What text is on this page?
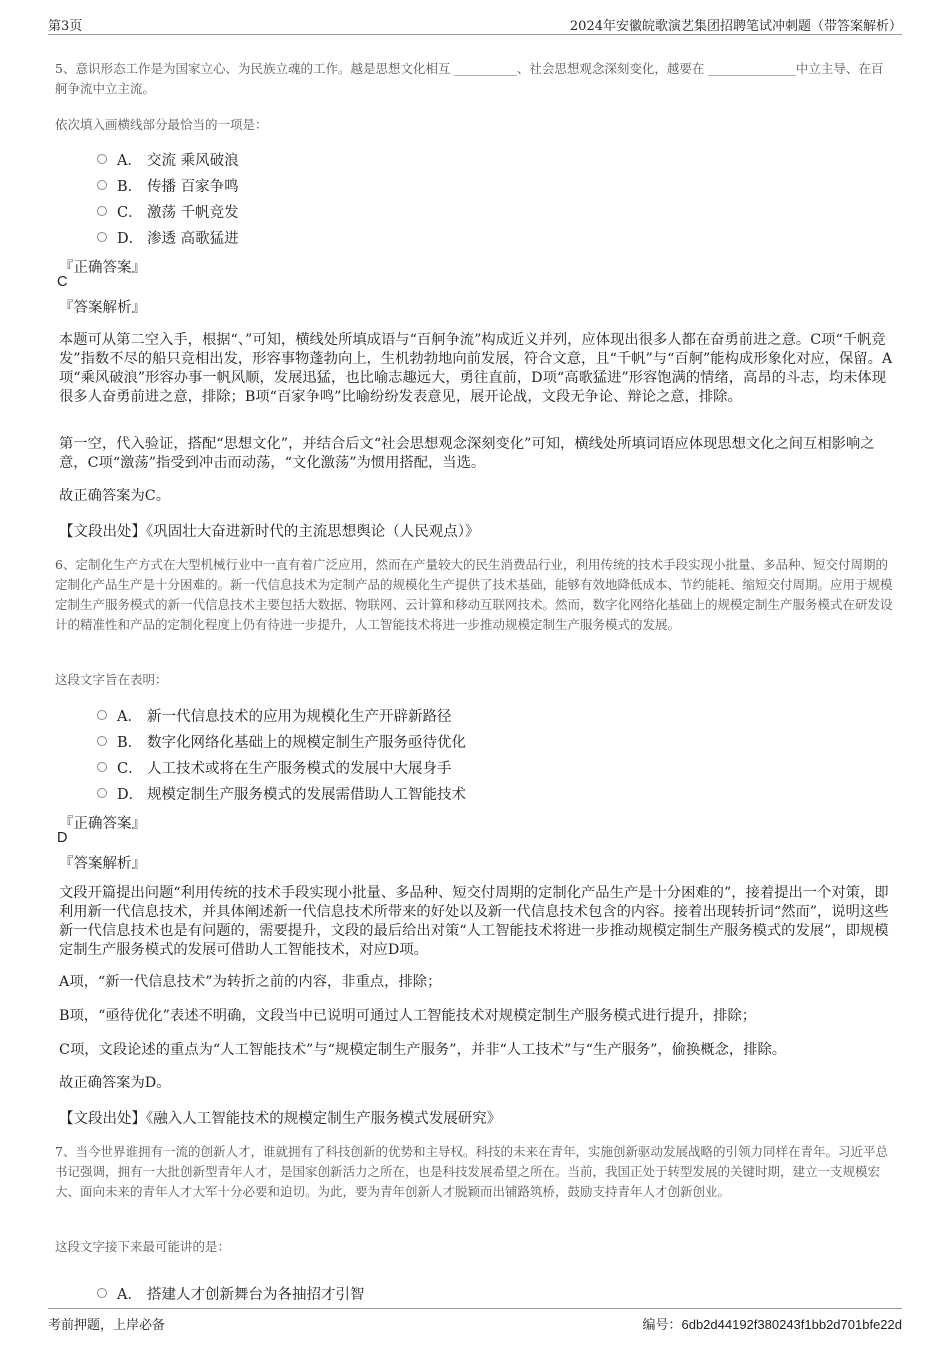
第3页	2024年安徽皖歌演艺集团招聘笔试冲刺题（带答案解析）

5、意识形态工作是为国家立心、为民族立魂的工作。越是思想文化相互 __________、社会思想观念深刻变化，越要在 ______________中立主导、在百舸争流中立主流。

依次填入画横线部分最恰当的一项是：
A． 交流 乘风破浪
B． 传播 百家争鸣
C． 激荡 千帆竞发
D． 渗透 高歌猛进
『正确答案』
C
『答案解析』

本题可从第二空入手，根据“、”可知，横线处所填成语与“百舸争流”构成近义并列，应体现出很多人都在奋勇前进之意。C项“千帆竞发”指数不尽的船只竞相出发，形容事物蓬勃向上，生机勃勃地向前发展，符合文意，且“千帆”与“百舸”能构成形象化对应，保留。A项“乘风破浪”形容办事一帆风顺，发展迅猛，也比喻志趣远大，勇往直前，D项“高歌猛进”形容饱满的情绪，高昂的斗志，均未体现很多人奋勇前进之意，排除；B项“百家争鸣”比喻纷纷发表意见，展开论战，文段无争论、辩论之意，排除。

第一空，代入验证，搭配“思想文化”，并结合后文“社会思想观念深刻变化”可知，横线处所填词语应体现思想文化之间互相影响之意，C项“激荡”指受到冲击而动荡，“文化激荡”为惯用搭配，当选。

故正确答案为C。

【文段出处】《巩固壮大奋进新时代的主流思想舆论（人民观点）》

6、定制化生产方式在大型机械行业中一直有着广泛应用，然而在产量较大的民生消费品行业，利用传统的技术手段实现小批量、多品种、短交付周期的定制化产品生产是十分困难的。新一代信息技术为定制产品的规模化生产提供了技术基础，能够有效地降低成本、节约能耗、缩短交付周期。应用于规模定制生产服务模式的新一代信息技术主要包括大数据、物联网、云计算和移动互联网技术。然而，数字化网络化基础上的规模定制生产服务模式在研发设计的精准性和产品的定制化程度上仍有待进一步提升，人工智能技术将进一步推动规模定制生产服务模式的发展。

这段文字旨在表明：
A． 新一代信息技术的应用为规模化生产开辟新路径
B． 数字化网络化基础上的规模定制生产服务亟待优化
C． 人工技术或将在生产服务模式的发展中大展身手
D． 规模定制生产服务模式的发展需借助人工智能技术
『正确答案』
D
『答案解析』

文段开篇提出问题“利用传统的技术手段实现小批量、多品种、短交付周期的定制化产品生产是十分困难的”，接着提出一个对策，即利用新一代信息技术，并具体阐述新一代信息技术所带来的好处以及新一代信息技术包含的内容。接着出现转折词“然而”，说明这些新一代信息技术也是有问题的，需要提升，文段的最后给出对策“人工智能技术将进一步推动规模定制生产服务模式的发展”，即规模定制生产服务模式的发展可借助人工智能技术，对应D项。

A项，“新一代信息技术”为转折之前的内容，非重点，排除；

B项，“亟待优化”表述不明确，文段当中已说明可通过人工智能技术对规模定制生产服务模式进行提升，排除；

C项，文段论述的重点为“人工智能技术”与“规模定制生产服务”，并非“人工技术”与“生产服务”，偷换概念，排除。

故正确答案为D。

【文段出处】《融入人工智能技术的规模定制生产服务模式发展研究》

7、当今世界谁拥有一流的创新人才，谁就拥有了科技创新的优势和主导权。科技的未来在青年，实施创新驱动发展战略的引领力同样在青年。习近平总书记强调，拥有一大批创新型青年人才，是国家创新活力之所在，也是科技发展希望之所在。当前，我国正处于转型发展的关键时期，建立一支规模宏大、面向未来的青年人才大军十分必要和迫切。为此，要为青年创新人才脱颖而出铺路筑桥，鼓励支持青年人才创新创业。

这段文字接下来最可能讲的是：
A． 搭建人才创新舞台为各抽招才引智
考前押题，上岸必备	编号：6db2d44192f380243f1bb2d701bfe22d
